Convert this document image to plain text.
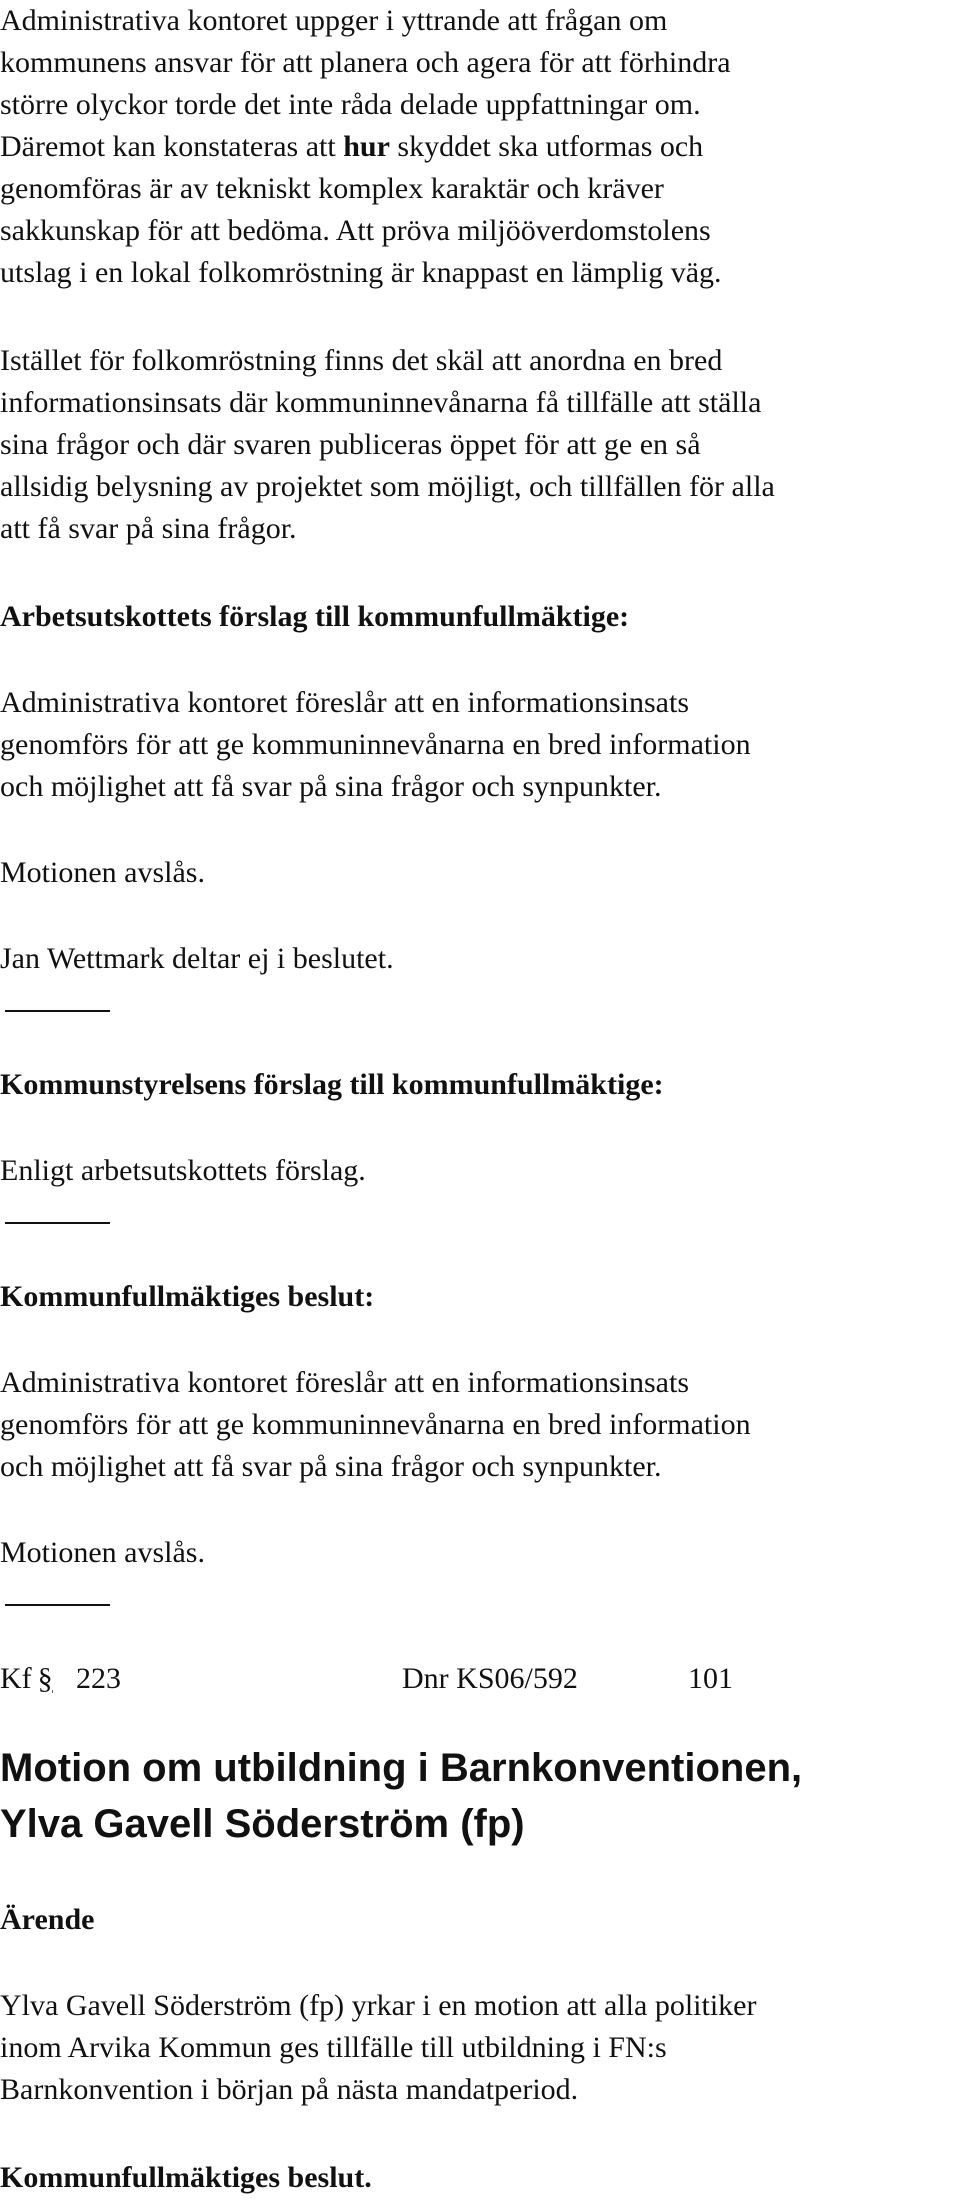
Administrativa kontoret uppger i yttrande att frågan om

kommunens ansvar för att planera och agera för att förhindra

större olyckor torde det inte råda delade uppfattningar om.

Däremot kan konstateras att hur skyddet ska utformas och

genomföras är av tekniskt komplex karaktär och kräver

sakkunskap för att bedöma. Att pröva miljööverdomstolens

utslag i en lokal folkomröstning är knappast en lämplig väg.

Istället för folkomröstning finns det skäl att anordna en bred

informationsinsats där kommuninnevånarna få tillfälle att ställa

sina frågor och där svaren publiceras öppet för att ge en så

allsidig belysning av projektet som möjligt, och tillfällen för alla

att få svar på sina frågor.

Arbetsutskottets förslag till kommunfullmäktige:

Administrativa kontoret föreslår att en informationsinsats

genomförs för att ge kommuninnevånarna en bred information

och möjlighet att få svar på sina frågor och synpunkter.

Motionen avslås.

Jan Wettmark deltar ej i beslutet.

Kommunstyrelsens förslag till kommunfullmäktige:

Enligt arbetsutskottets förslag.

Kommunfullmäktiges beslut:

Administrativa kontoret föreslår att en informationsinsats

genomförs för att ge kommuninnevånarna en bred information

och möjlighet att få svar på sina frågor och synpunkter.

Motionen avslås.

Kf § 223	Dnr KS06/592	101
Motion om utbildning i Barnkonventionen,
Ylva Gavell Söderström (fp)
Ärende

Ylva Gavell Söderström (fp) yrkar i en motion att alla politiker

inom Arvika Kommun ges tillfälle till utbildning i FN:s

Barnkonvention i början på nästa mandatperiod.

Kommunfullmäktiges beslut.
